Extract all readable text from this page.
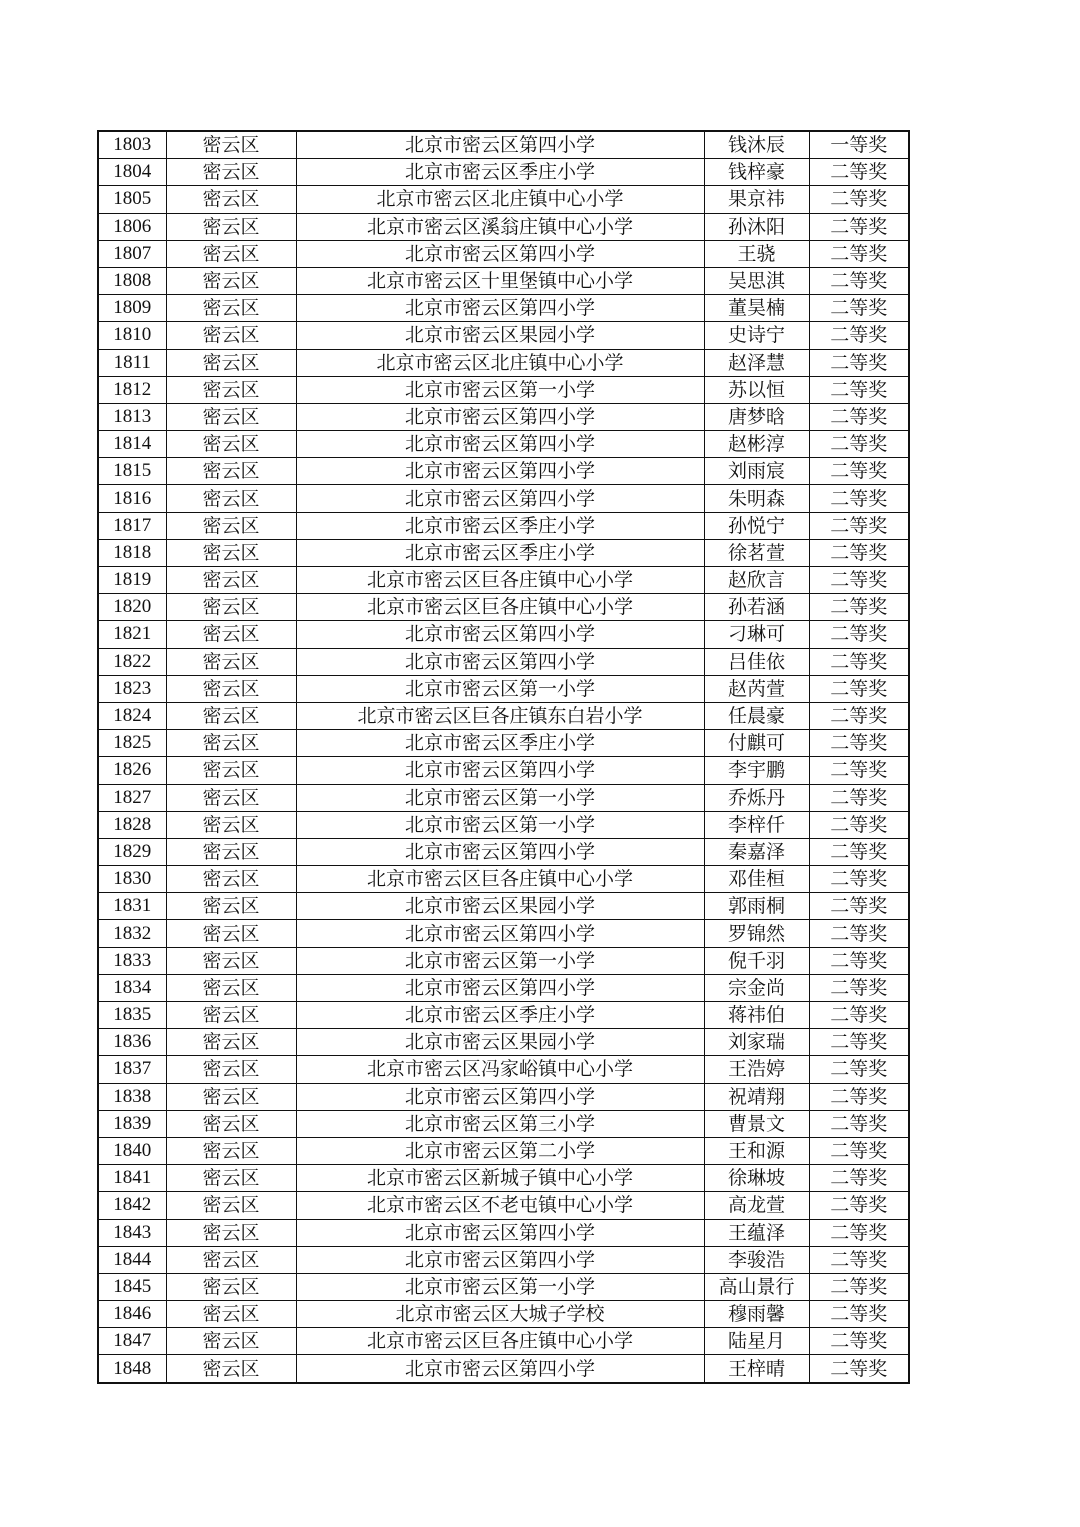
1803	密云区	北京市密云区第四小学	钱沐辰	一等奖
1804	密云区	北京市密云区季庄小学	钱梓豪	二等奖
1805	密云区	北京市密云区北庄镇中心小学	果京祎	二等奖
1806	密云区	北京市密云区溪翁庄镇中心小学	孙沐阳	二等奖
1807	密云区	北京市密云区第四小学	王骁	二等奖
1808	密云区	北京市密云区十里堡镇中心小学	吴思淇	二等奖
1809	密云区	北京市密云区第四小学	董昊楠	二等奖
1810	密云区	北京市密云区果园小学	史诗宁	二等奖
1811	密云区	北京市密云区北庄镇中心小学	赵泽慧	二等奖
1812	密云区	北京市密云区第一小学	苏以恒	二等奖
1813	密云区	北京市密云区第四小学	唐梦晗	二等奖
1814	密云区	北京市密云区第四小学	赵彬淳	二等奖
1815	密云区	北京市密云区第四小学	刘雨宸	二等奖
1816	密云区	北京市密云区第四小学	朱明森	二等奖
1817	密云区	北京市密云区季庄小学	孙悦宁	二等奖
1818	密云区	北京市密云区季庄小学	徐茗萱	二等奖
1819	密云区	北京市密云区巨各庄镇中心小学	赵欣言	二等奖
1820	密云区	北京市密云区巨各庄镇中心小学	孙若涵	二等奖
1821	密云区	北京市密云区第四小学	刁琳可	二等奖
1822	密云区	北京市密云区第四小学	吕佳依	二等奖
1823	密云区	北京市密云区第一小学	赵芮萱	二等奖
1824	密云区	北京市密云区巨各庄镇东白岩小学	任晨豪	二等奖
1825	密云区	北京市密云区季庄小学	付麒可	二等奖
1826	密云区	北京市密云区第四小学	李宇鹏	二等奖
1827	密云区	北京市密云区第一小学	乔烁丹	二等奖
1828	密云区	北京市密云区第一小学	李梓仟	二等奖
1829	密云区	北京市密云区第四小学	秦嘉泽	二等奖
1830	密云区	北京市密云区巨各庄镇中心小学	邓佳桓	二等奖
1831	密云区	北京市密云区果园小学	郭雨桐	二等奖
1832	密云区	北京市密云区第四小学	罗锦然	二等奖
1833	密云区	北京市密云区第一小学	倪千羽	二等奖
1834	密云区	北京市密云区第四小学	宗金尚	二等奖
1835	密云区	北京市密云区季庄小学	蒋祎伯	二等奖
1836	密云区	北京市密云区果园小学	刘家瑞	二等奖
1837	密云区	北京市密云区冯家峪镇中心小学	王浩婷	二等奖
1838	密云区	北京市密云区第四小学	祝靖翔	二等奖
1839	密云区	北京市密云区第三小学	曹景文	二等奖
1840	密云区	北京市密云区第二小学	王和源	二等奖
1841	密云区	北京市密云区新城子镇中心小学	徐琳坡	二等奖
1842	密云区	北京市密云区不老屯镇中心小学	高龙萱	二等奖
1843	密云区	北京市密云区第四小学	王蕴泽	二等奖
1844	密云区	北京市密云区第四小学	李骏浩	二等奖
1845	密云区	北京市密云区第一小学	高山景行	二等奖
1846	密云区	北京市密云区大城子学校	穆雨馨	二等奖
1847	密云区	北京市密云区巨各庄镇中心小学	陆星月	二等奖
1848	密云区	北京市密云区第四小学	王梓晴	二等奖
